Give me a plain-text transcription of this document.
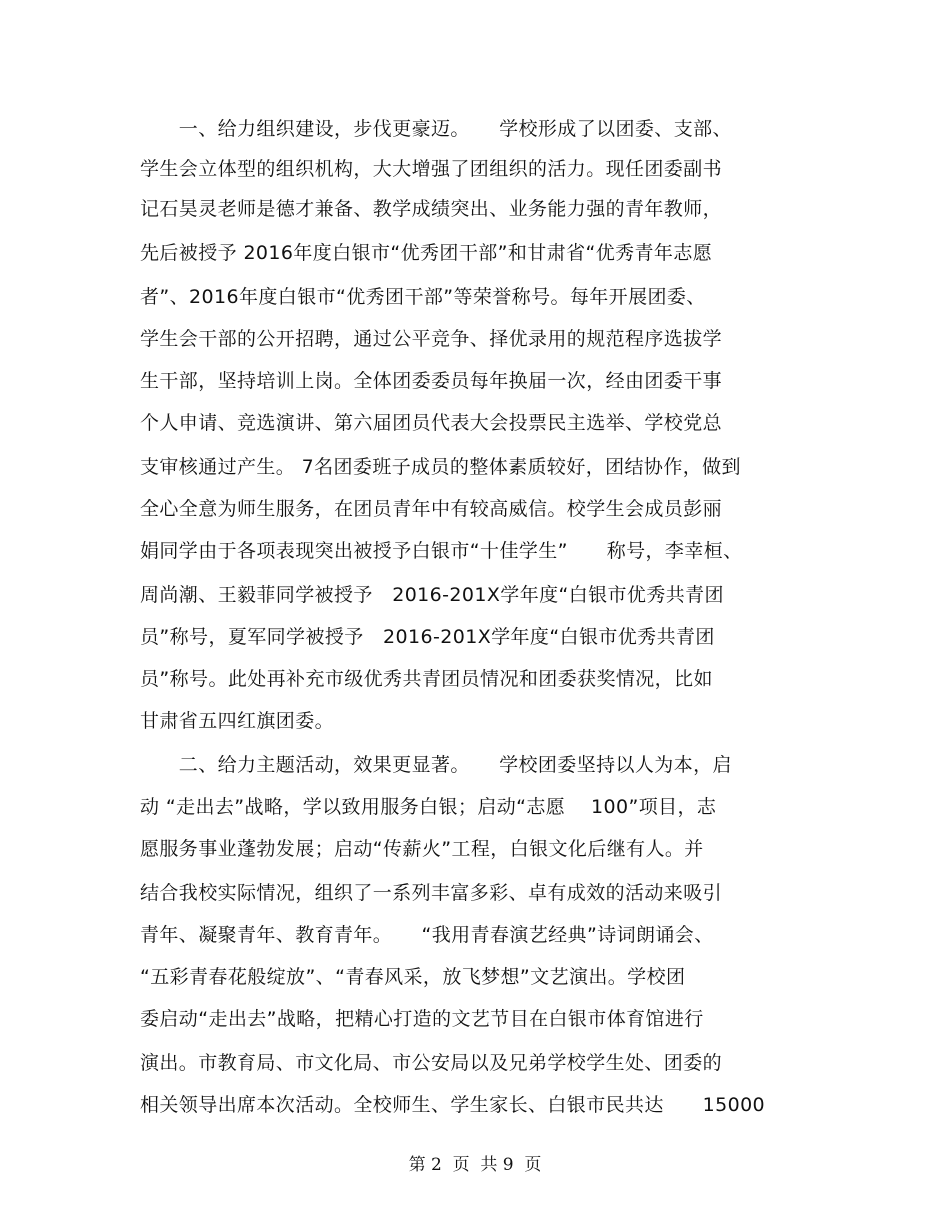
　　一、给力组织建设，步伐更豪迈。　　学校形成了以团委、支部、
学生会立体型的组织机构，大大增强了团组织的活力。现任团委副书
记石昊灵老师是德才兼备、教学成绩突出、业务能力强的青年教师，
先后被授予 2016年度白银市“优秀团干部”和甘肃省“优秀青年志愿
者”、2016年度白银市“优秀团干部”等荣誉称号。每年开展团委、
学生会干部的公开招聘，通过公平竞争、择优录用的规范程序选拔学
生干部，坚持培训上岗。全体团委委员每年换届一次，经由团委干事
个人申请、竞选演讲、第六届团员代表大会投票民主选举、学校党总
支审核通过产生。 7名团委班子成员的整体素质较好，团结协作，做到
全心全意为师生服务，在团员青年中有较高威信。校学生会成员彭丽
娟同学由于各项表现突出被授予白银市“十佳学生”　　称号，李幸桓、
周尚潮、王毅菲同学被授予　2016-201X学年度“白银市优秀共青团
员”称号，夏军同学被授予　2016-201X学年度“白银市优秀共青团
员”称号。此处再补充市级优秀共青团员情况和团委获奖情况，比如
甘肃省五四红旗团委。
　　二、给力主题活动，效果更显著。　　学校团委坚持以人为本，启
动 “走出去”战略，学以致用服务白银；启动“志愿　 100”项目，志
愿服务事业蓬勃发展；启动“传薪火”工程，白银文化后继有人。并
结合我校实际情况，组织了一系列丰富多彩、卓有成效的活动来吸引
青年、凝聚青年、教育青年。　　“我用青春演艺经典”诗词朗诵会、
“五彩青春花般绽放”、“青春风采，放飞梦想”文艺演出。学校团
委启动“走出去”战略，把精心打造的文艺节目在白银市体育馆进行
演出。市教育局、市文化局、市公安局以及兄弟学校学生处、团委的
相关领导出席本次活动。全校师生、学生家长、白银市民共达　　15000
第 2  页  共 9  页
